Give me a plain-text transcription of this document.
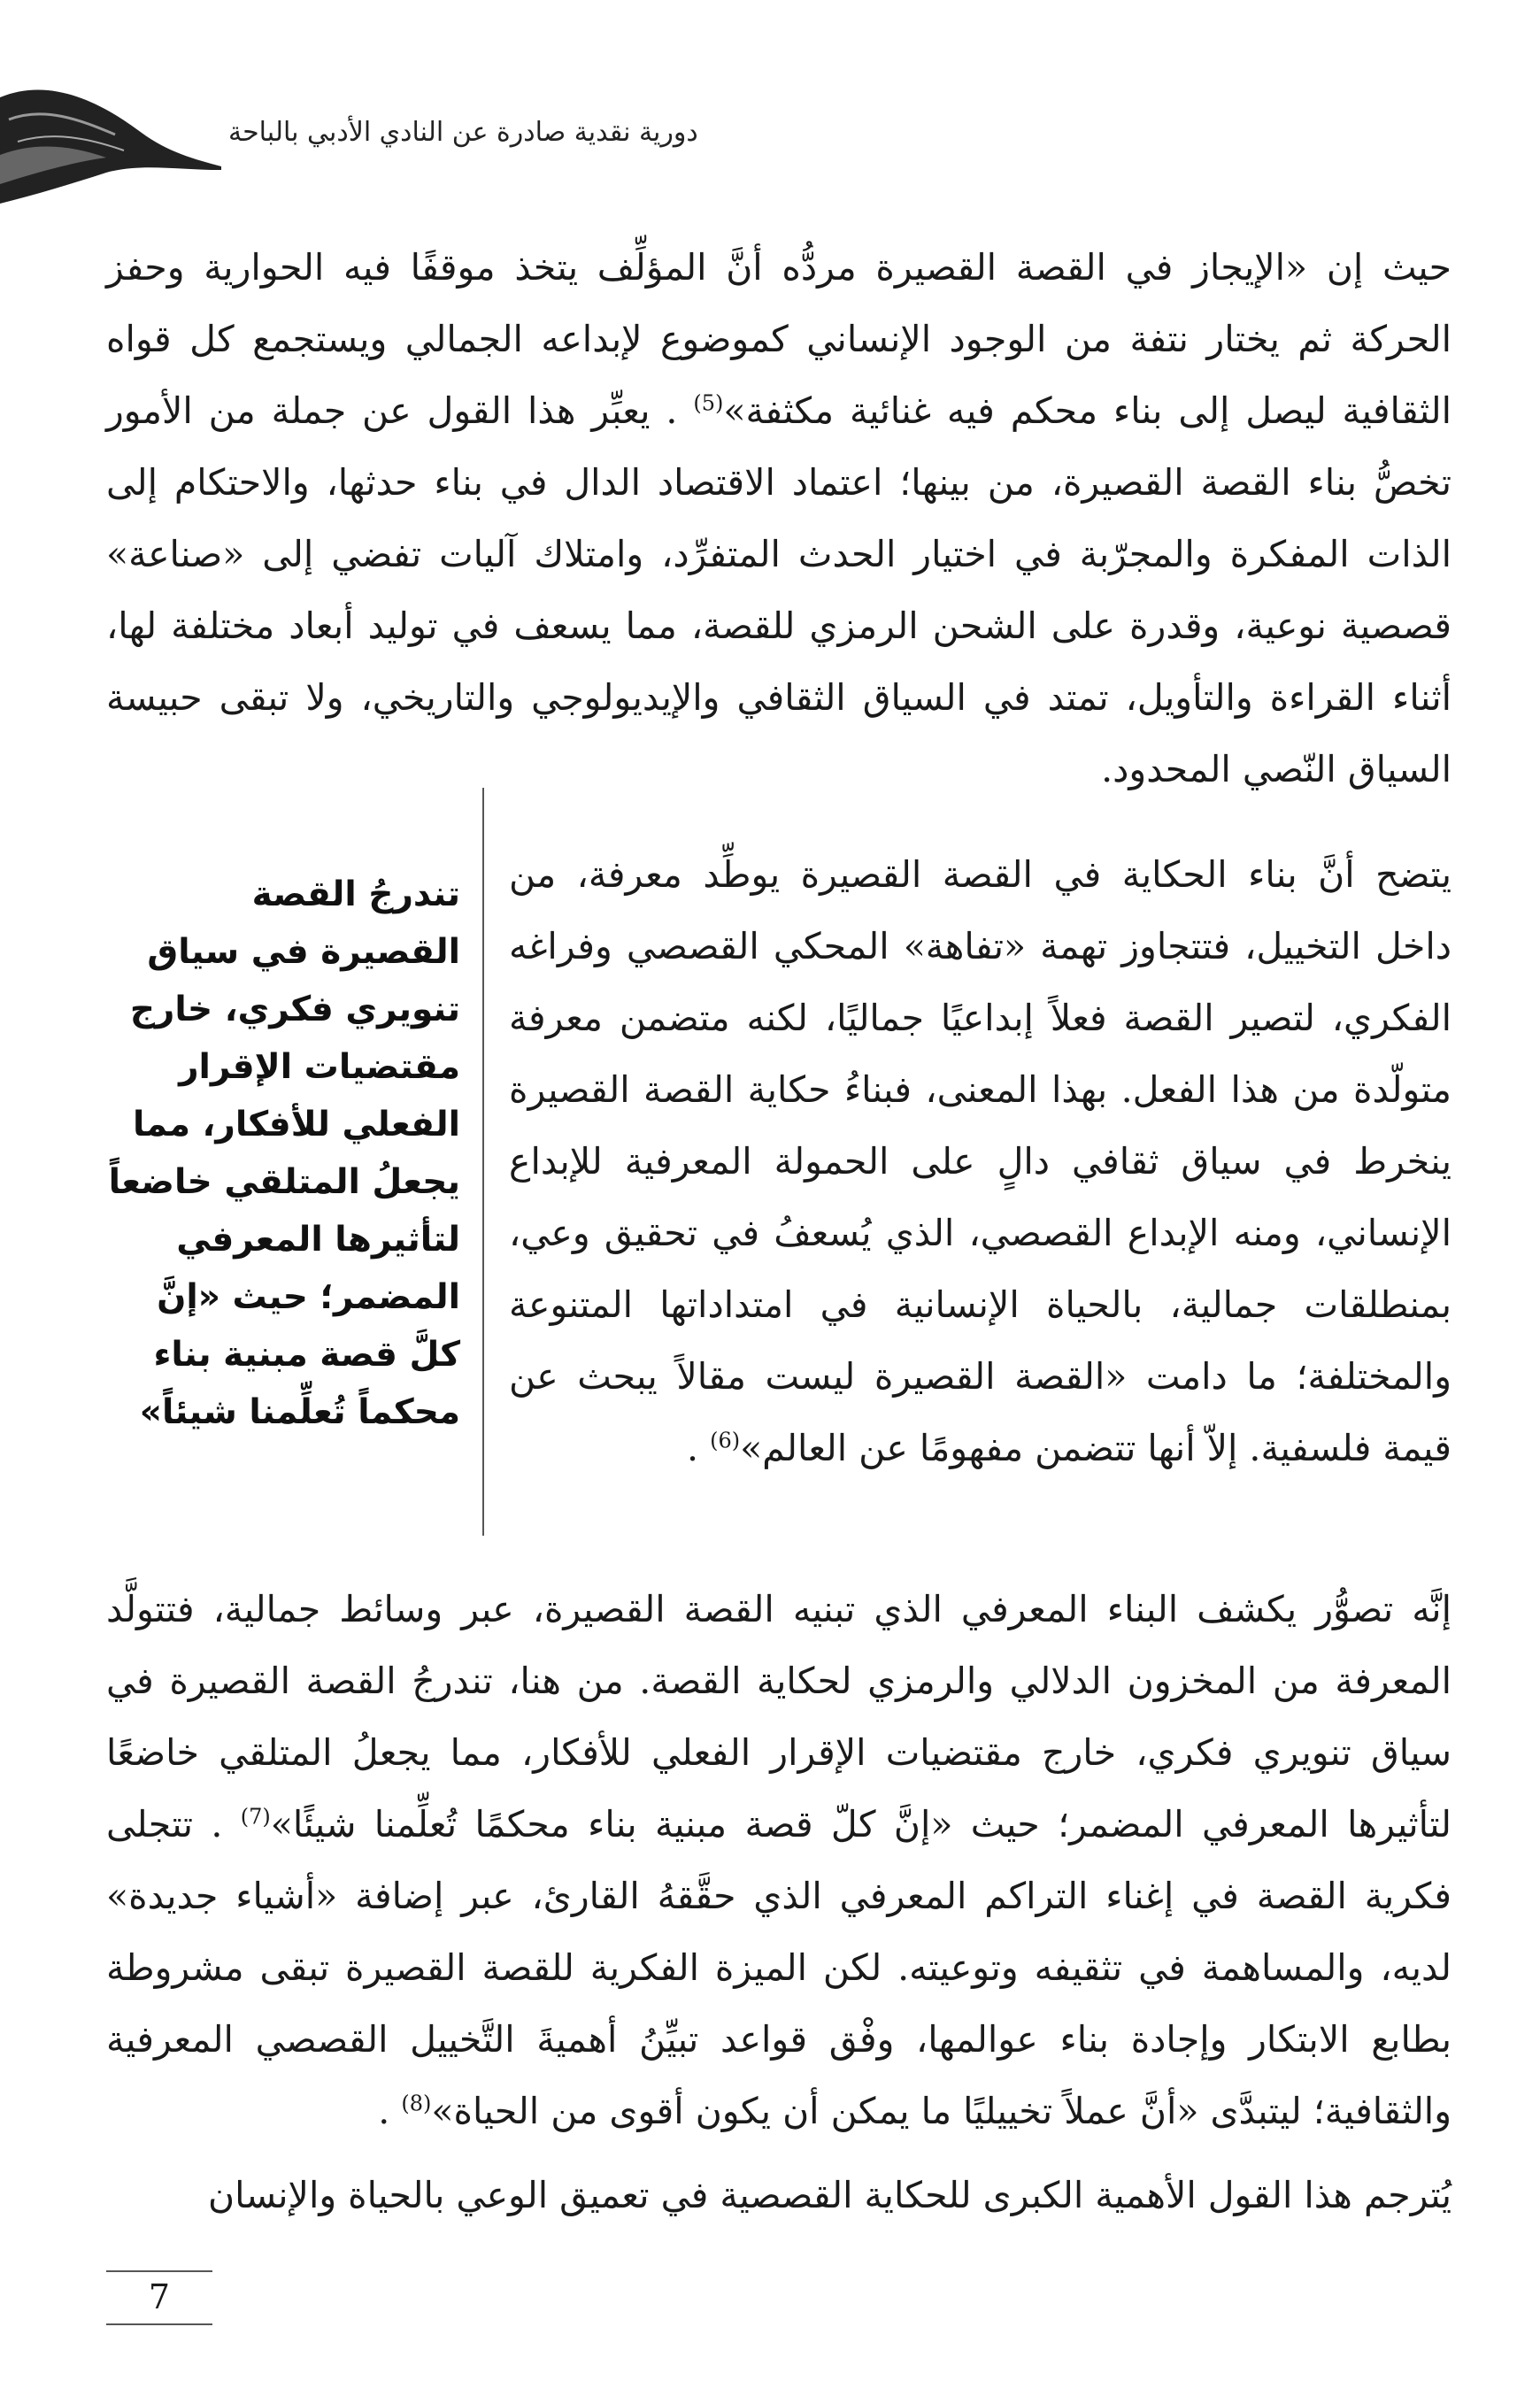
دورية نقدية صادرة عن النادي الأدبي بالباحة
حيث إن «الإيجاز في القصة القصيرة مردُّه أنَّ المؤلِّف يتخذ موقفًا فيه الحوارية وحفز الحركة ثم يختار نتفة من الوجود الإنساني كموضوع لإبداعه الجمالي ويستجمع كل قواه الثقافية ليصل إلى بناء محكم فيه غنائية مكثفة»$^{(5)}$ . يعبِّر هذا القول عن جملة من الأمور تخصُّ بناء القصة القصيرة، من بينها؛ اعتماد الاقتصاد الدال في بناء حدثها، والاحتكام إلى الذات المفكرة والمجرّبة في اختيار الحدث المتفرِّد، وامتلاك آليات تفضي إلى «صناعة» قصصية نوعية، وقدرة على الشحن الرمزي للقصة، مما يسعف في توليد أبعاد مختلفة لها، أثناء القراءة والتأويل، تمتد في السياق الثقافي والإيديولوجي والتاريخي، ولا تبقى حبيسة السياق النّصي المحدود.
يتضح أنَّ بناء الحكاية في القصة القصيرة يوطِّد معرفة، من داخل التخييل، فتتجاوز تهمة «تفاهة» المحكي القصصي وفراغه الفكري، لتصير القصة فعلاً إبداعيًا جماليًا، لكنه متضمن معرفة متولّدة من هذا الفعل. بهذا المعنى، فبناءُ حكاية القصة القصيرة ينخرط في سياق ثقافي دالٍ على الحمولة المعرفية للإبداع الإنساني، ومنه الإبداع القصصي، الذي يُسعفُ في تحقيق وعي، بمنطلقات جمالية، بالحياة الإنسانية في امتداداتها المتنوعة والمختلفة؛ ما دامت «القصة القصيرة ليست مقالاً يبحث عن قيمة فلسفية. إلاّ أنها تتضمن مفهومًا عن العالم»$^{(6)}$ .
تندرجُ القصة القصيرة في سياق تنويري فكري، خارج مقتضيات الإقرار الفعلي للأفكار، مما يجعلُ المتلقي خاضعاً لتأثيرها المعرفي المضمر؛ حيث «إنَّ كلَّ قصة مبنية بناء محكماً تُعلِّمنا شيئاً»
إنَّه تصوُّر يكشف البناء المعرفي الذي تبنيه القصة القصيرة، عبر وسائط جمالية، فتتولَّد المعرفة من المخزون الدلالي والرمزي لحكاية القصة. من هنا، تندرجُ القصة القصيرة في سياق تنويري فكري، خارج مقتضيات الإقرار الفعلي للأفكار، مما يجعلُ المتلقي خاضعًا لتأثيرها المعرفي المضمر؛ حيث «إنَّ كلّ قصة مبنية بناء محكمًا تُعلِّمنا شيئًا»$^{(7)}$ . تتجلى فكرية القصة في إغناء التراكم المعرفي الذي حقَّقهُ القارئ، عبر إضافة «أشياء جديدة» لديه، والمساهمة في تثقيفه وتوعيته. لكن الميزة الفكرية للقصة القصيرة تبقى مشروطة بطابع الابتكار وإجادة بناء عوالمها، وفْق قواعد تبيِّنُ أهميةَ التَّخييل القصصي المعرفية والثقافية؛ ليتبدَّى «أنَّ عملاً تخييليًا ما يمكن أن يكون أقوى من الحياة»$^{(8)}$ .
يُترجم هذا القول الأهمية الكبرى للحكاية القصصية في تعميق الوعي بالحياة والإنسان
7
